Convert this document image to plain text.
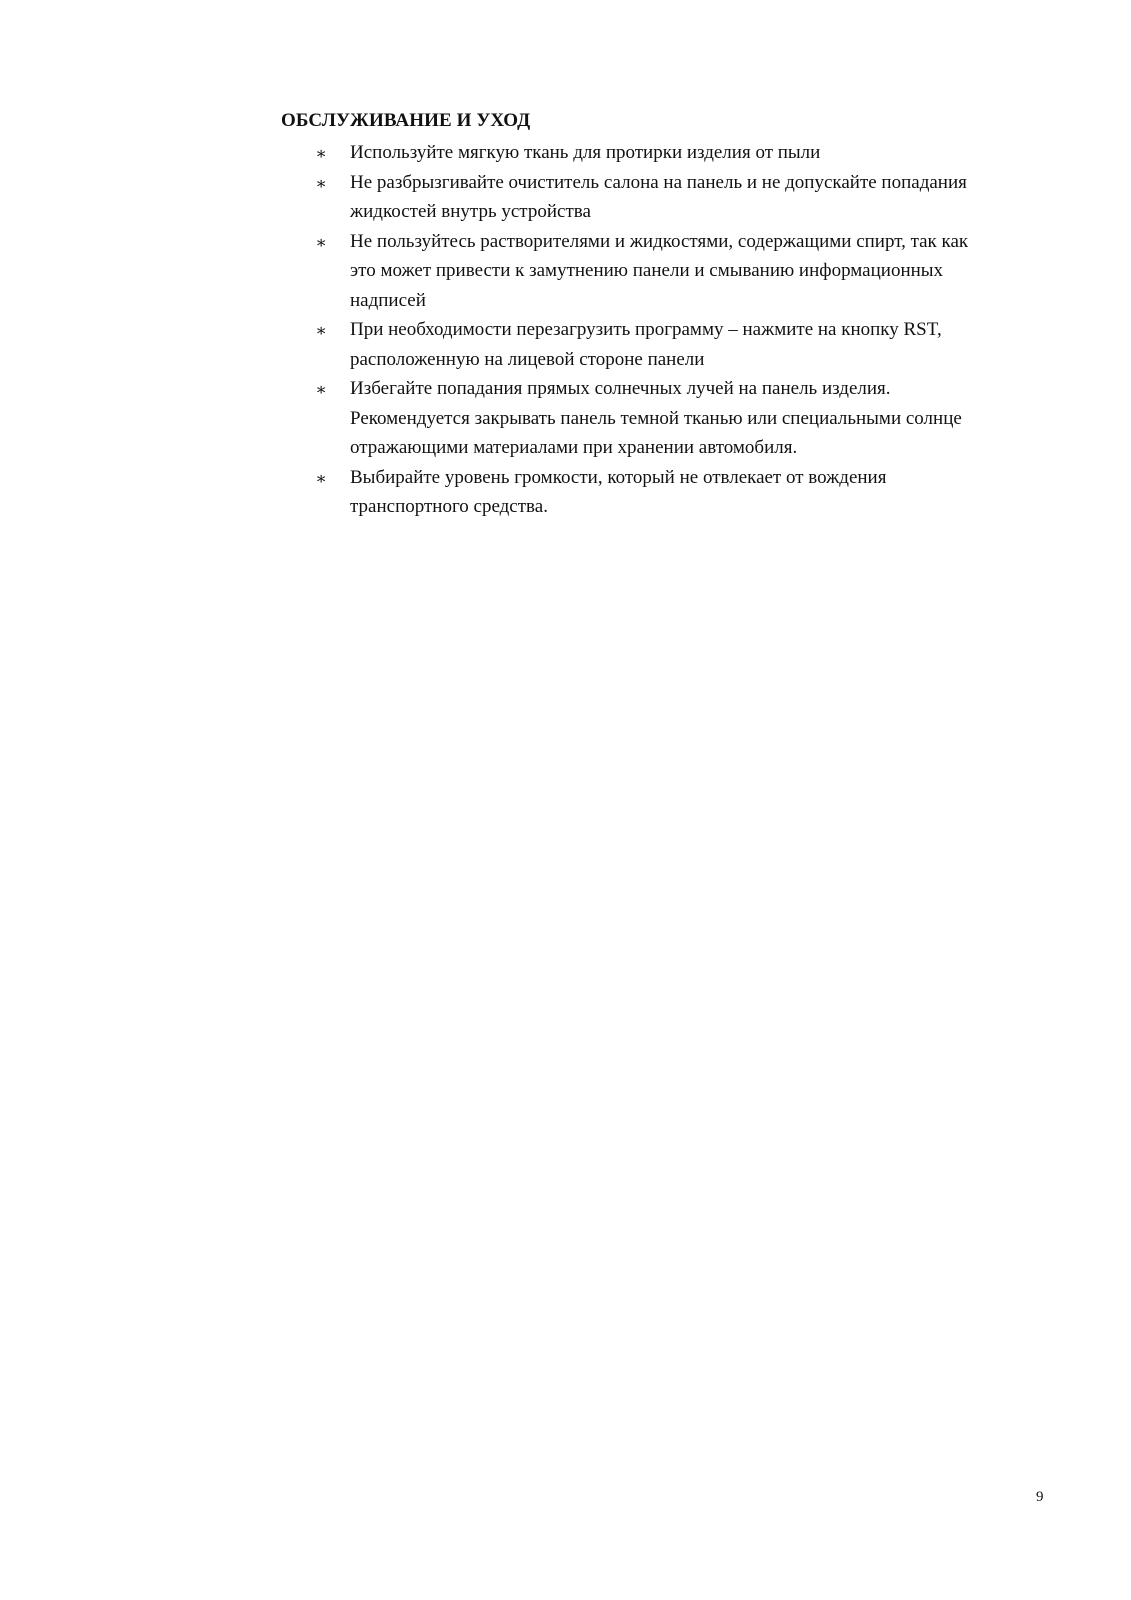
ОБСЛУЖИВАНИЕ И УХОД
∗ Используйте мягкую ткань для протирки изделия от пыли
∗ Не разбрызгивайте очиститель салона на панель и не допускайте попадания
жидкостей внутрь устройства
∗ Не пользуйтесь растворителями и жидкостями, содержащими спирт, так как
это может привести к замутнению панели и смыванию информационных
надписей
∗ При необходимости перезагрузить программу – нажмите на кнопку RST,
расположенную на лицевой стороне панели
∗ Избегайте попадания прямых солнечных лучей на панель изделия.
Рекомендуется закрывать панель темной тканью или специальными солнце
отражающими материалами при хранении автомобиля.
∗ Выбирайте уровень громкости, который не отвлекает от вождения
транспортного средства.
9
